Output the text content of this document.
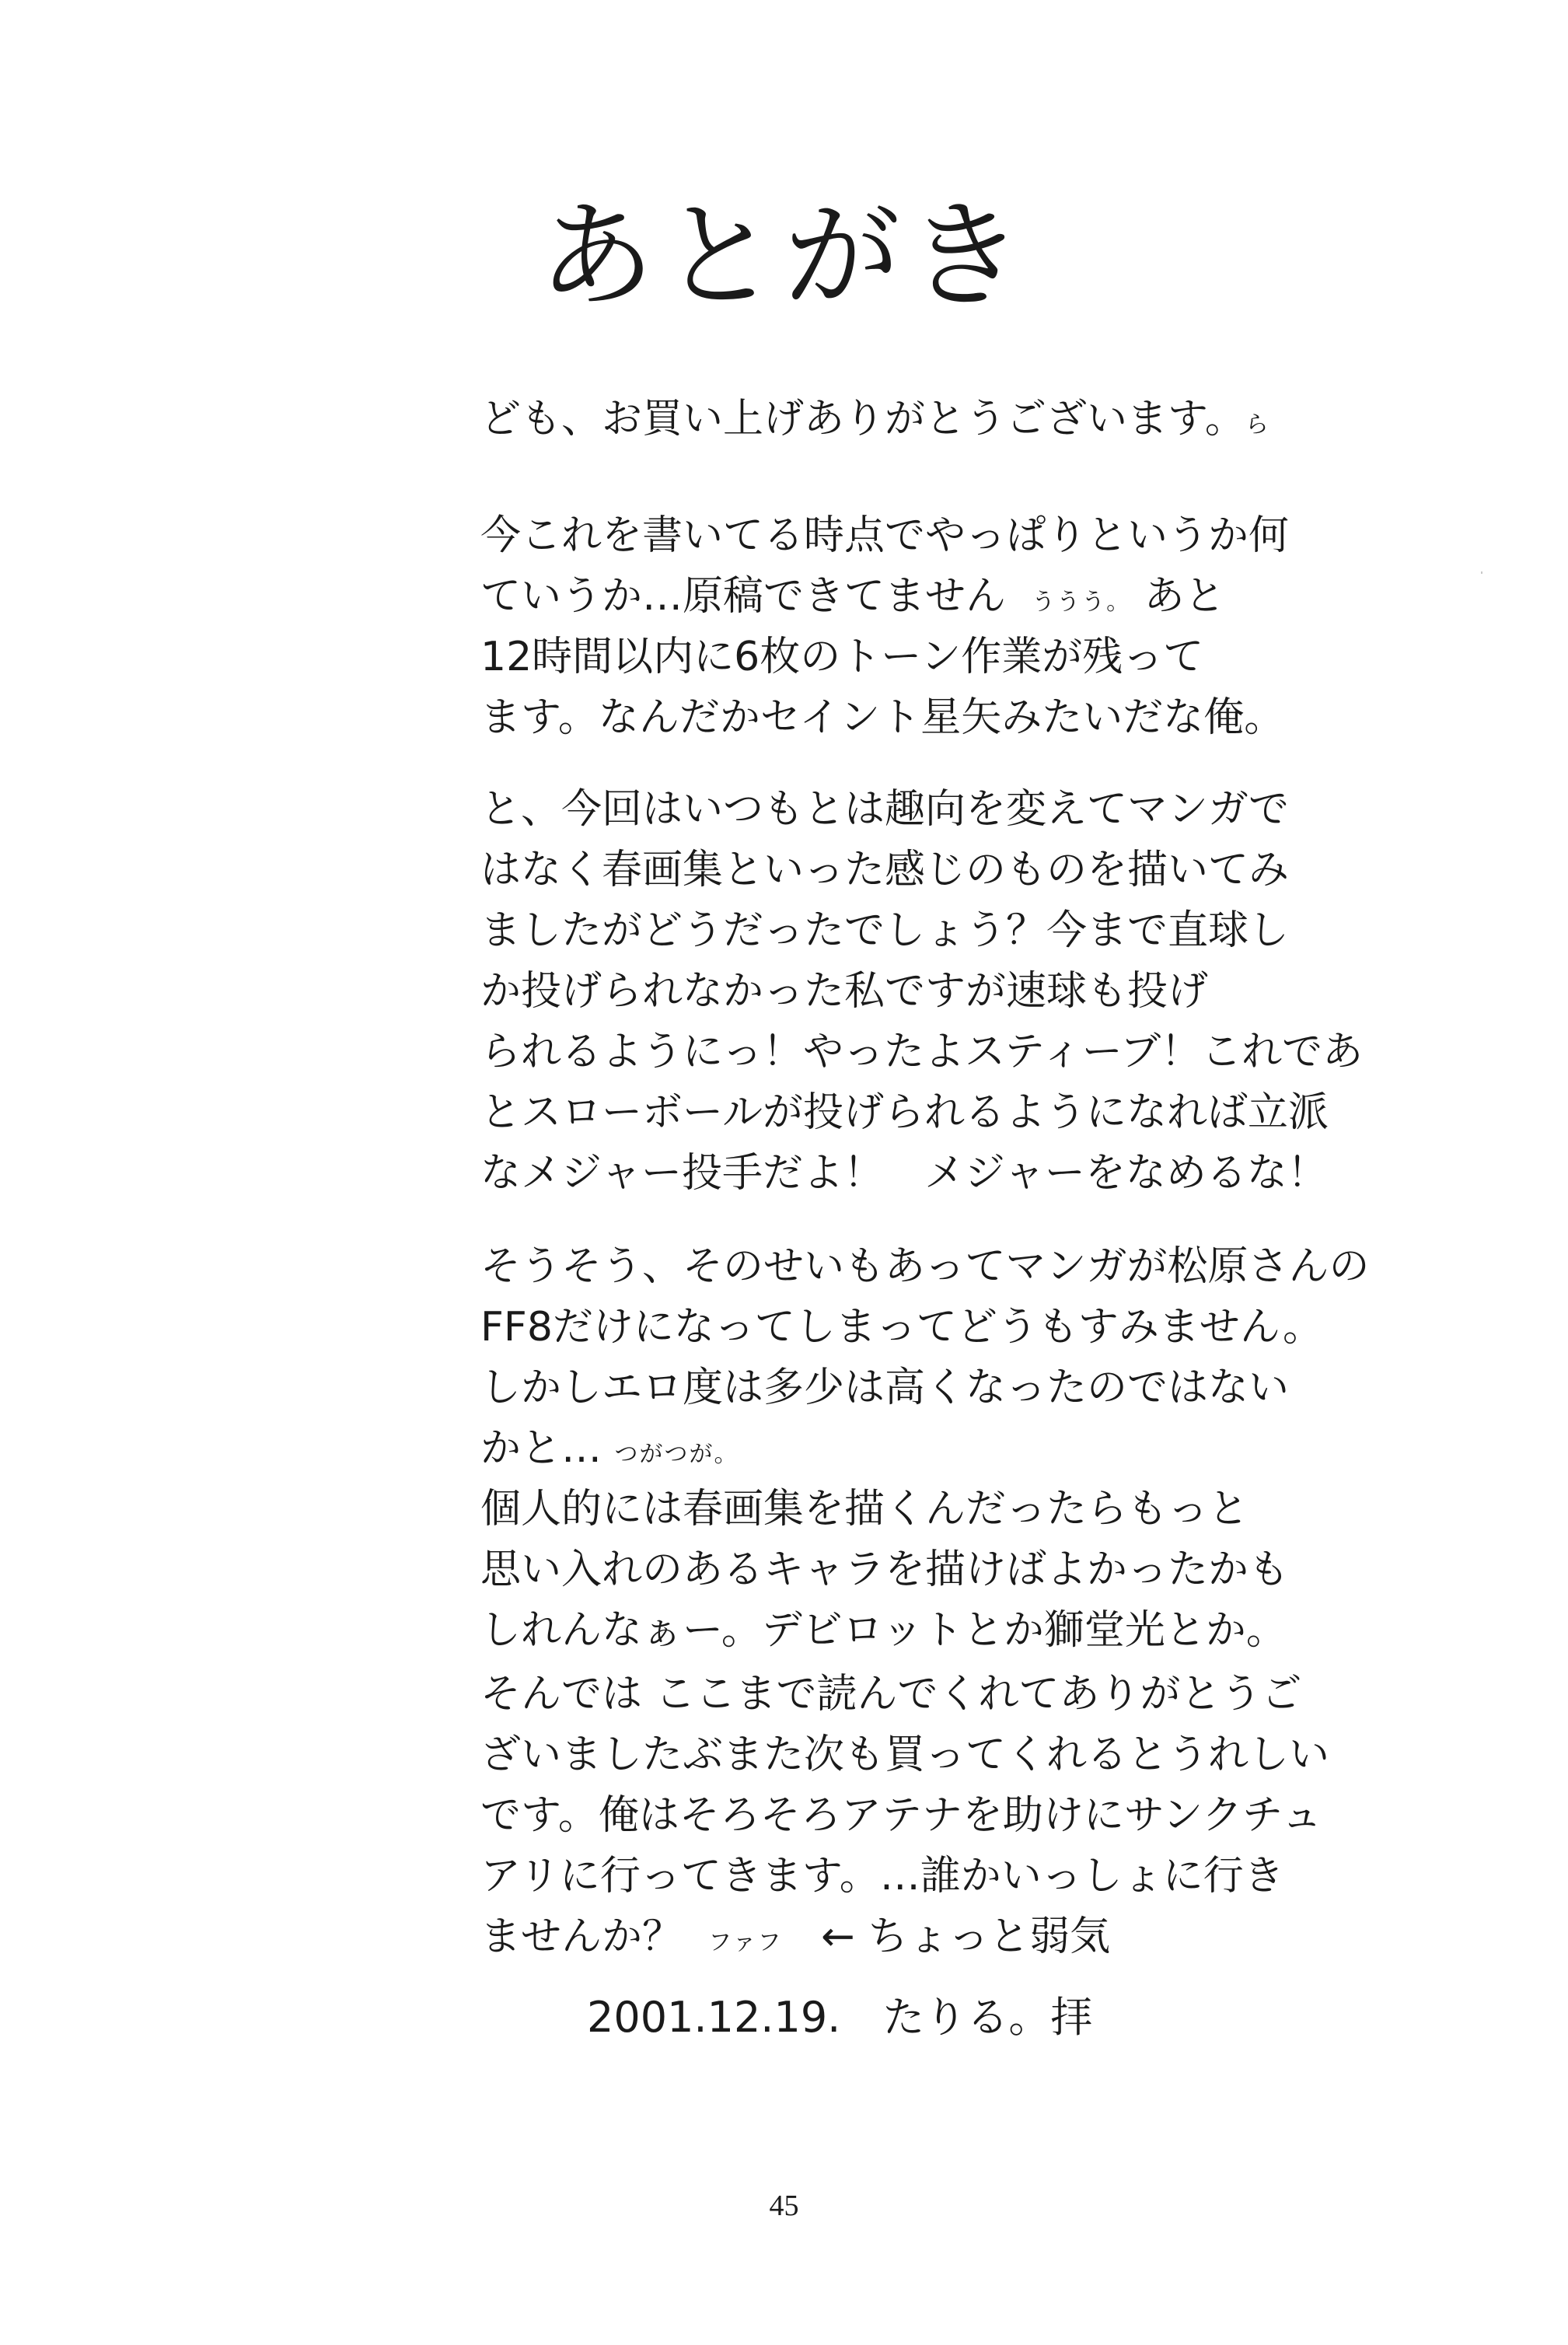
あとがき
ども、お買い上げありがとうございます。ら
今これを書いてる時点でやっぱりというか何
ていうか…原稿できてません ううう。 あと
12時間以内に6枚のトーン作業が残って
ます。なんだかセイント星矢みたいだな俺。
と、今回はいつもとは趣向を変えてマンガで
はなく春画集といった感じのものを描いてみ
ましたがどうだったでしょう？今まで直球し
か投げられなかった私ですが速球も投げ
られるようにっ！やったよスティーブ！これであ
とスローボールが投げられるようになれば立派
なメジャー投手だよ！　メジャーをなめるな！
そうそう、そのせいもあってマンガが松原さんの
FF8だけになってしまってどうもすみません。
しかしエロ度は多少は高くなったのではない
かと… つがつが。
個人的には春画集を描くんだったらもっと
思い入れのあるキャラを描けばよかったかも
しれんなぁー。デビロットとか獅堂光とか。
そんでは ここまで読んでくれてありがとうご
ざいましたぶまた次も買ってくれるとうれしい
です。俺はそろそろアテナを助けにサンクチュ
アリに行ってきます。…誰かいっしょに行き
ませんか？ ファフ ← ちょっと弱気
2001.12.19.　たりる。拝
45
